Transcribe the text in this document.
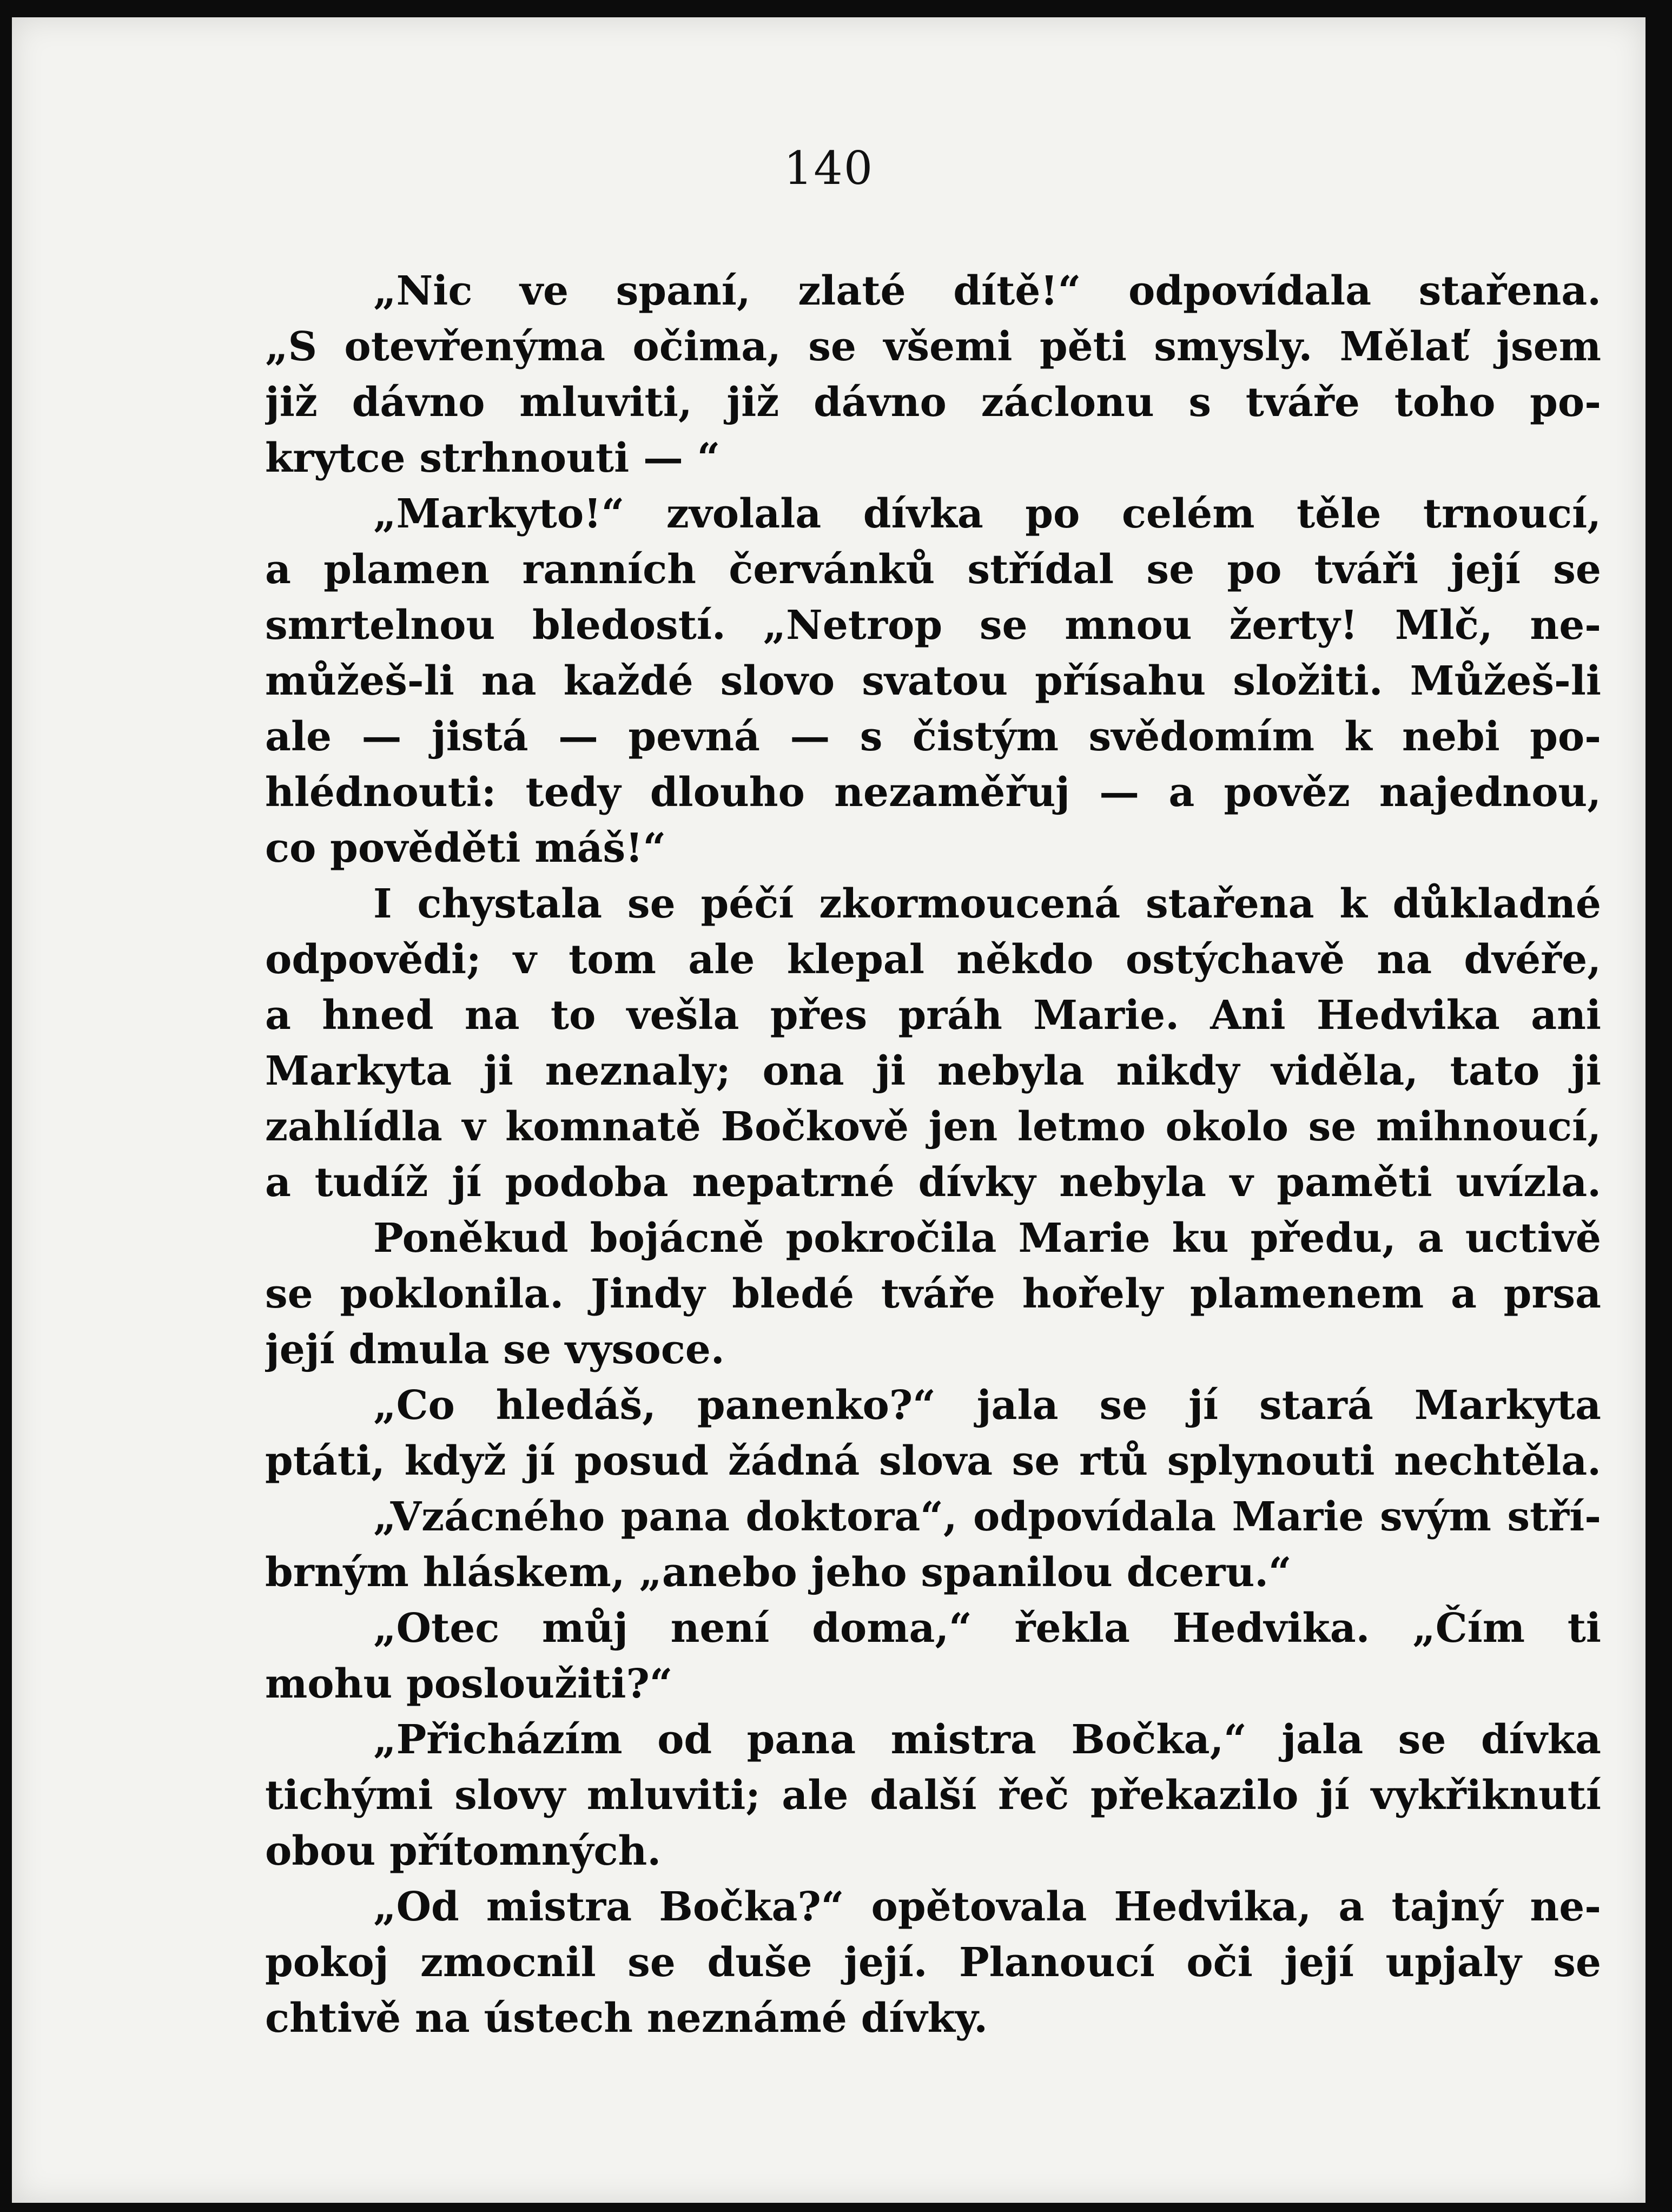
140
„Nic ve spaní, zlaté dítě!“ odpovídala stařena.
„S otevřenýma očima, se všemi pěti smysly. Mělať jsem
již dávno mluviti, již dávno záclonu s tváře toho po-
krytce strhnouti — “
„Markyto!“ zvolala dívka po celém těle trnoucí,
a plamen ranních červánků střídal se po tváři její se
smrtelnou bledostí. „Netrop se mnou žerty! Mlč, ne-
můžeš-li na každé slovo svatou přísahu složiti. Můžeš-li
ale — jistá — pevná — s čistým svědomím k nebi po-
hlédnouti: tedy dlouho nezaměřuj — a pověz najednou,
co pověděti máš!“
I chystala se péčí zkormoucená stařena k důkladné
odpovědi; v tom ale klepal někdo ostýchavě na dvéře,
a hned na to vešla přes práh Marie. Ani Hedvika ani
Markyta ji neznaly; ona ji nebyla nikdy viděla, tato ji
zahlídla v komnatě Bočkově jen letmo okolo se mihnoucí,
a tudíž jí podoba nepatrné dívky nebyla v paměti uvízla.
Poněkud bojácně pokročila Marie ku předu, a uctivě
se poklonila. Jindy bledé tváře hořely plamenem a prsa
její dmula se vysoce.
„Co hledáš, panenko?“ jala se jí stará Markyta
ptáti, když jí posud žádná slova se rtů splynouti nechtěla.
„Vzácného pana doktora“, odpovídala Marie svým stří-
brným hláskem, „anebo jeho spanilou dceru.“
„Otec můj není doma,“ řekla Hedvika. „Čím ti
mohu posloužiti?“
„Přicházím od pana mistra Bočka,“ jala se dívka
tichými slovy mluviti; ale další řeč překazilo jí vykřiknutí
obou přítomných.
„Od mistra Bočka?“ opětovala Hedvika, a tajný ne-
pokoj zmocnil se duše její. Planoucí oči její upjaly se
chtivě na ústech neznámé dívky.
